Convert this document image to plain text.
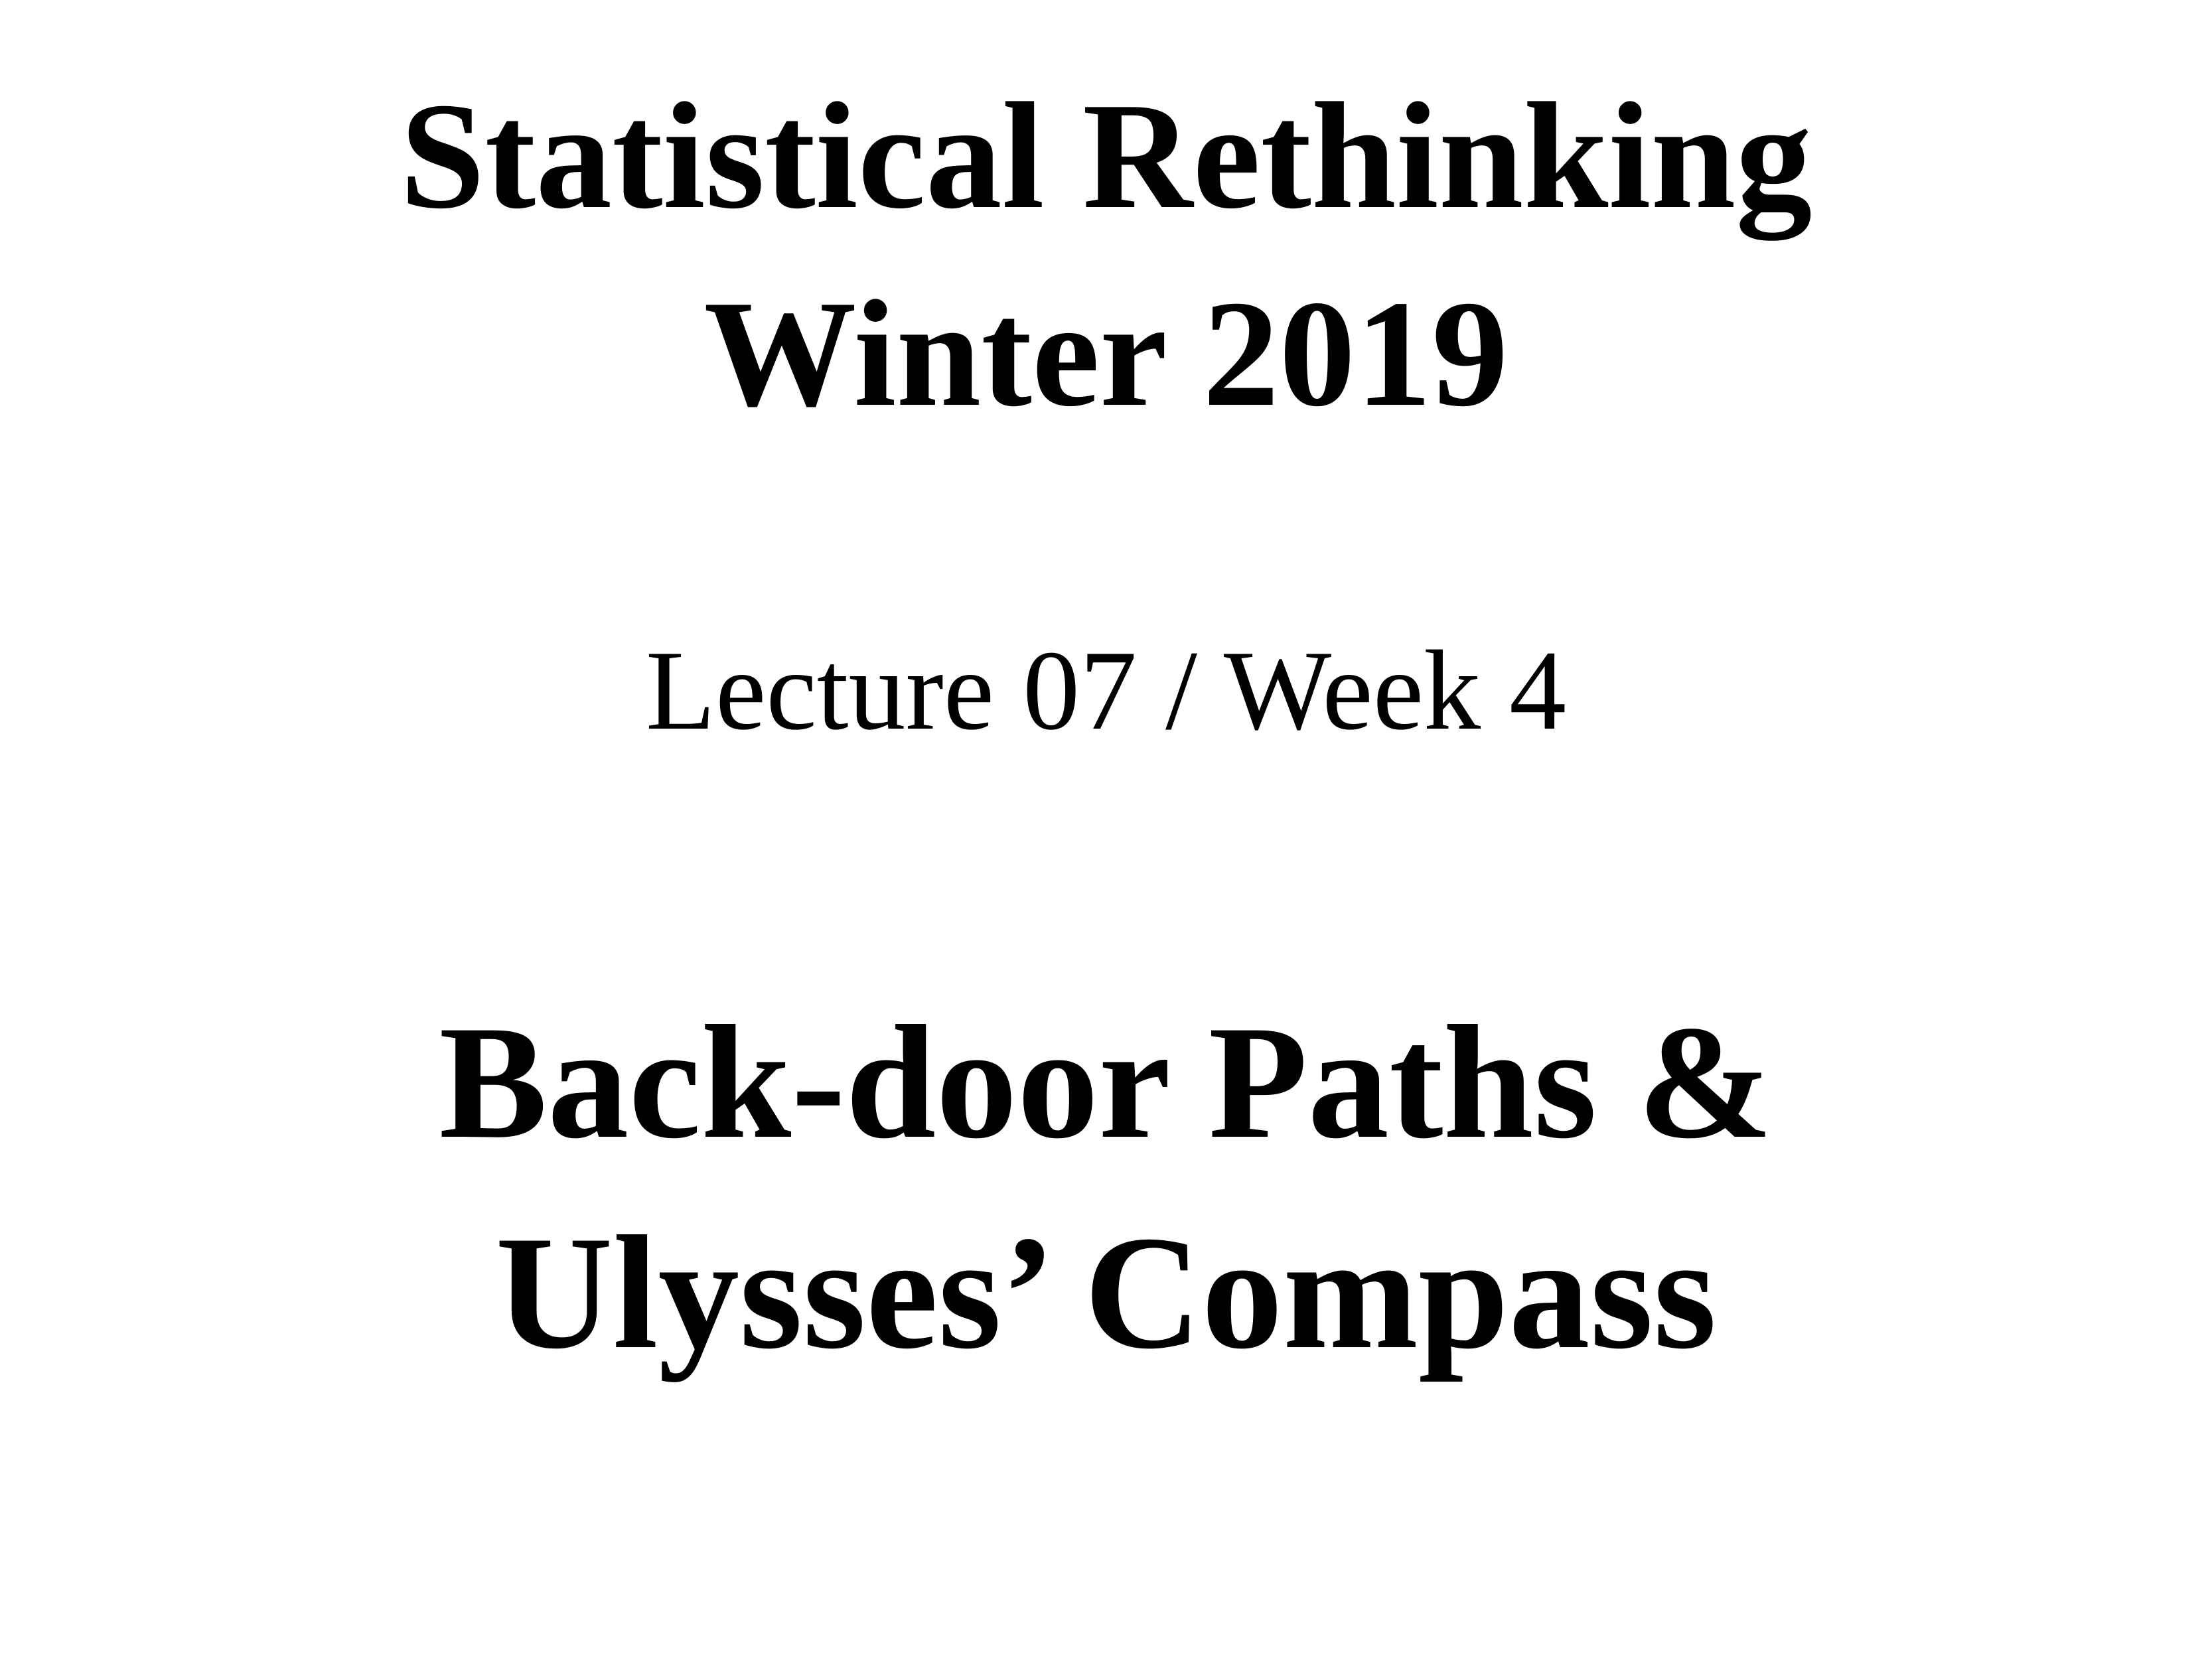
Statistical Rethinking
Winter 2019
Lecture 07 / Week 4
Back-door Paths &
Ulysses’ Compass
